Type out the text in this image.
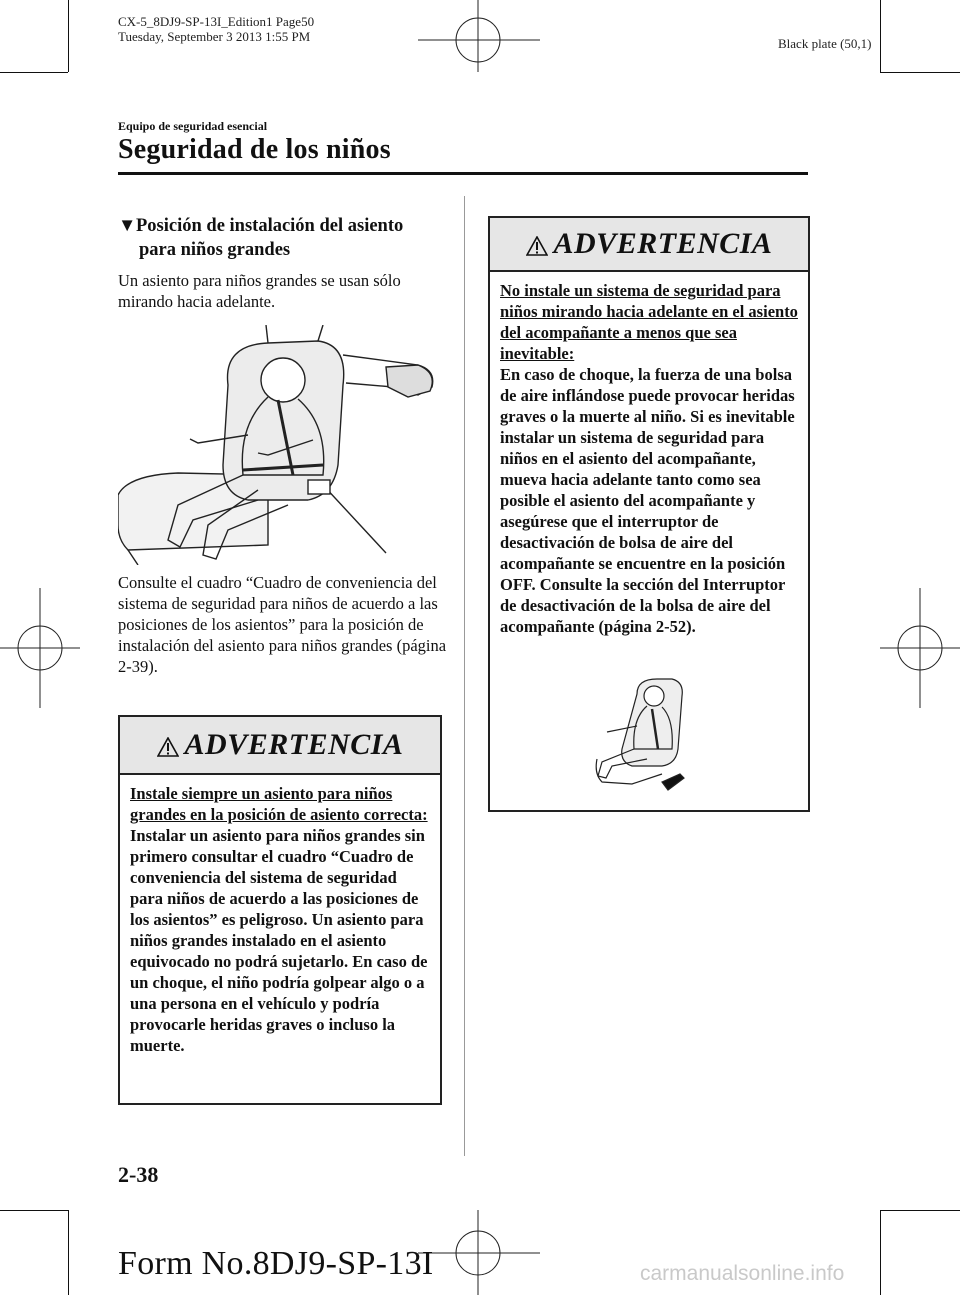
CX-5_8DJ9-SP-13I_Edition1 Page50
Tuesday, September 3 2013 1:55 PM	Black plate (50,1)
Equipo de seguridad esencial
Seguridad de los niños
▼Posición de instalación del asiento
para niños grandes
Un asiento para niños grandes se usan sólo mirando hacia adelante.
Consulte el cuadro “Cuadro de conveniencia del sistema de seguridad para niños de acuerdo a las posiciones de los asientos” para la posición de instalación del asiento para niños grandes (página 2-39).
ADVERTENCIA
Instale siempre un asiento para niños grandes en la posición de asiento correcta:
Instalar un asiento para niños grandes sin primero consultar el cuadro “Cuadro de conveniencia del sistema de seguridad para niños de acuerdo a las posiciones de los asientos” es peligroso. Un asiento para niños grandes instalado en el asiento equivocado no podrá sujetarlo. En caso de un choque, el niño podría golpear algo o a una persona en el vehículo y podría provocarle heridas graves o incluso la muerte.
ADVERTENCIA
No instale un sistema de seguridad para niños mirando hacia adelante en el asiento del acompañante a menos que sea inevitable:
En caso de choque, la fuerza de una bolsa de aire inflándose puede provocar heridas graves o la muerte al niño. Si es inevitable instalar un sistema de seguridad para niños en el asiento del acompañante, mueva hacia adelante tanto como sea posible el asiento del acompañante y asegúrese que el interruptor de desactivación de bolsa de aire del acompañante se encuentre en la posición OFF. Consulte la sección del Interruptor de desactivación de la bolsa de aire del acompañante (página 2-52).
2-38
Form No.8DJ9-SP-13I	carmanualsonline.info
